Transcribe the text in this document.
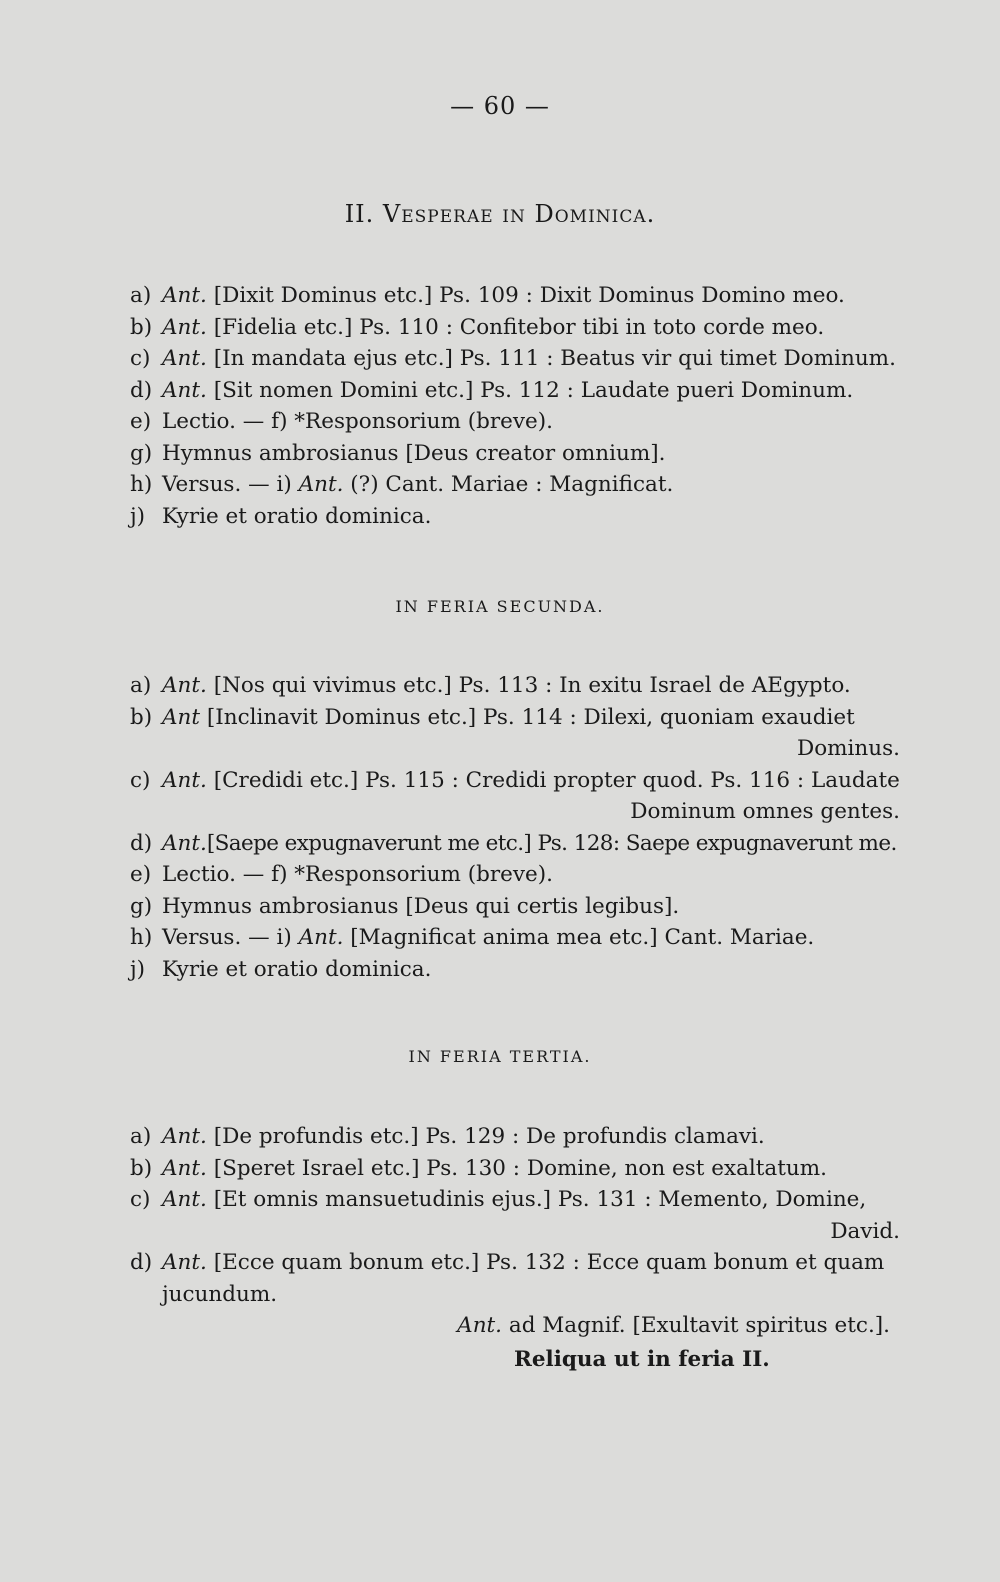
— 60 —
II. Vesperae in Dominica.
a) Ant. [Dixit Dominus etc.] Ps. 109 : Dixit Dominus Domino meo.
b) Ant. [Fidelia etc.] Ps. 110 : Confitebor tibi in toto corde meo.
c) Ant. [In mandata ejus etc.] Ps. 111 : Beatus vir qui timet Dominum.
d) Ant. [Sit nomen Domini etc.] Ps. 112 : Laudate pueri Dominum.
e) Lectio. — f) *Responsorium (breve).
g) Hymnus ambrosianus [Deus creator omnium].
h) Versus. — i) Ant. (?) Cant. Mariae : Magnificat.
j) Kyrie et oratio dominica.
IN FERIA SECUNDA.
a) Ant. [Nos qui vivimus etc.] Ps. 113 : In exitu Israel de AEgypto.
b) Ant [Inclinavit Dominus etc.] Ps. 114 : Dilexi, quoniam exaudiet
Dominus.
c) Ant. [Credidi etc.] Ps. 115 : Credidi propter quod. Ps. 116 : Laudate
Dominum omnes gentes.
d) Ant.[Saepe expugnaverunt me etc.] Ps. 128: Saepe expugnaverunt me.
e) Lectio. — f) *Responsorium (breve).
g) Hymnus ambrosianus [Deus qui certis legibus].
h) Versus. — i) Ant. [Magnificat anima mea etc.] Cant. Mariae.
j) Kyrie et oratio dominica.
IN FERIA TERTIA.
a) Ant. [De profundis etc.] Ps. 129 : De profundis clamavi.
b) Ant. [Speret Israel etc.] Ps. 130 : Domine, non est exaltatum.
c) Ant. [Et omnis mansuetudinis ejus.] Ps. 131 : Memento, Domine,
David.
d) Ant. [Ecce quam bonum etc.] Ps. 132 : Ecce quam bonum et quam
jucundum.
Ant. ad Magnif. [Exultavit spiritus etc.].
Reliqua ut in feria II.
